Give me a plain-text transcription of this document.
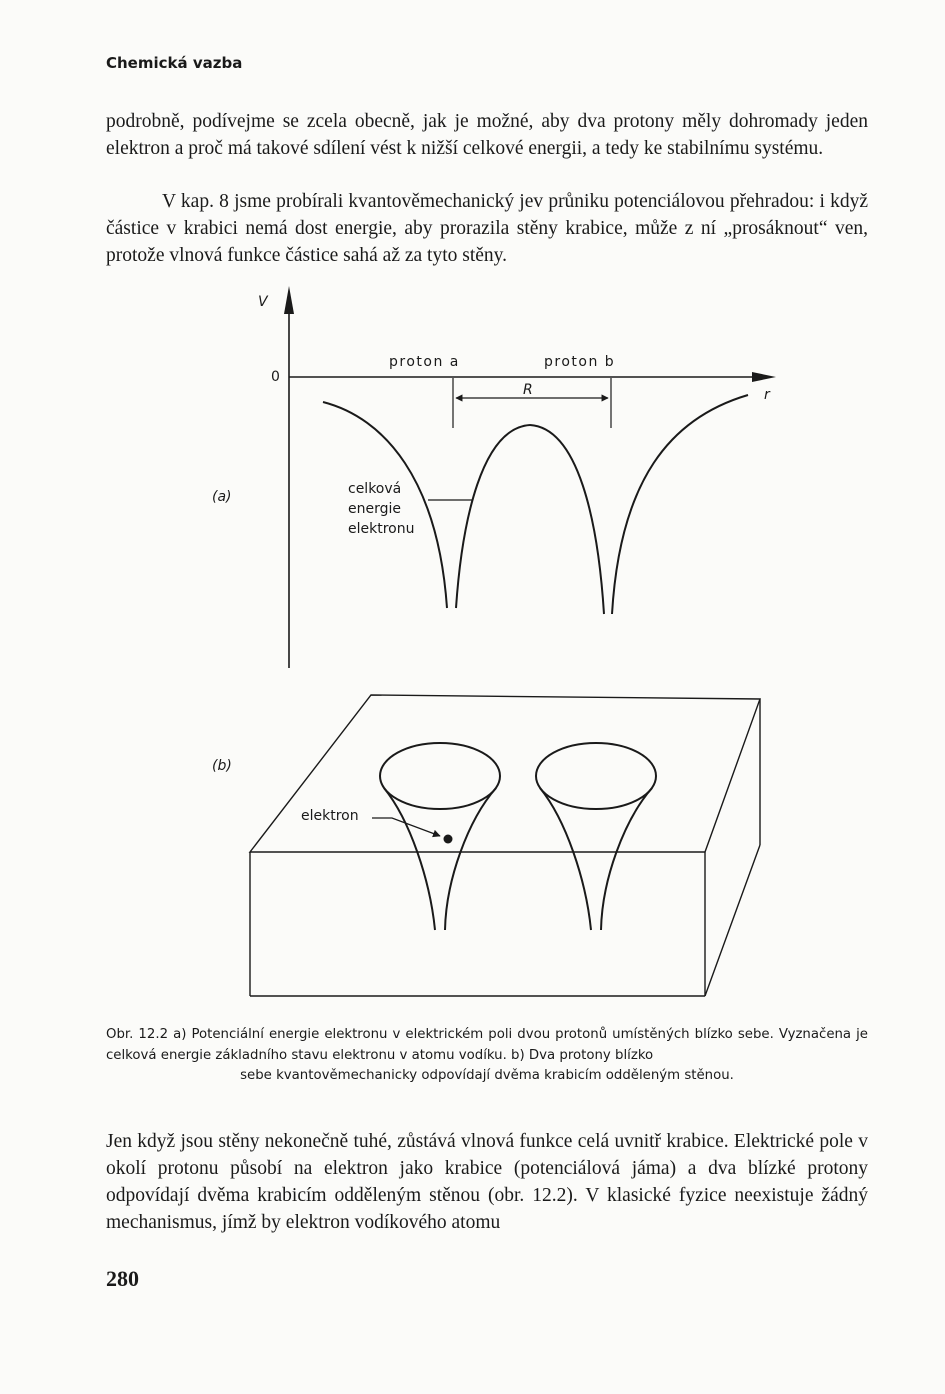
Chemická vazba

podrobně, podívejme se zcela obecně, jak je možné, aby dva protony měly dohromady jeden elektron a proč má takové sdílení vést k nižší celkové energii, a tedy ke stabilnímu systému.

V kap. 8 jsme probírali kvantověmechanický jev průniku potenciálovou přehradou: i když částice v krabici nemá dost energie, aby prorazila stěny krabice, může z ní „prosáknout“ ven, protože vlnová funkce částice sahá až za tyto stěny.

V
0
r
proton a	proton b
R
celková
energie
elektronu
(a)
elektron
(b)

Obr. 12.2 a) Potenciální energie elektronu v elektrickém poli dvou protonů umístěných blízko sebe. Vyznačena je celková energie základního stavu elektronu v atomu vodíku. b) Dva protony blízko
sebe kvantověmechanicky odpovídají dvěma krabicím odděleným stěnou.

Jen když jsou stěny nekonečně tuhé, zůstává vlnová funkce celá uvnitř krabice. Elektrické pole v okolí protonu působí na elektron jako krabice (potenciálová jáma) a dva blízké protony odpovídají dvěma krabicím odděleným stěnou (obr. 12.2). V klasické fyzice neexistuje žádný mechanismus, jímž by elektron vodíkového atomu

280
